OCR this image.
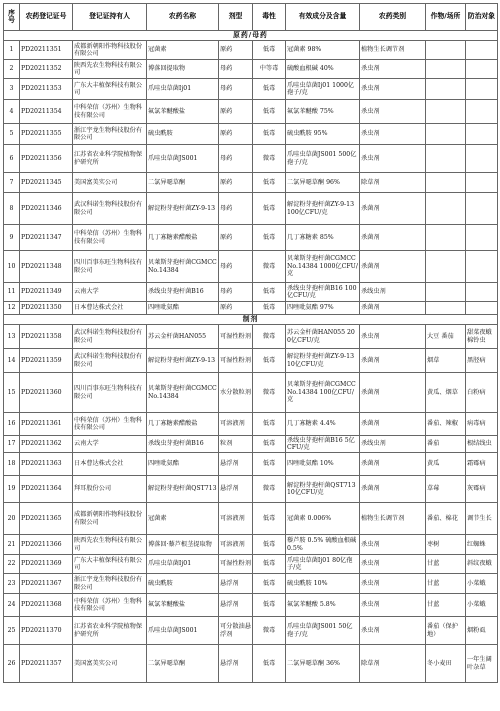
序号	农药登记证号	登记证持有人	农药名称	剂型	毒性	有效成分及含量	农药类别	作物/场所	防治对象
原药/母药									
1	PD20211351	成都新朝阳作物科技股份有限公司	冠菌素	原药	低毒	冠菌素 98%	植物生长调节剂		
2	PD20211352	陕西先农生物科技有限公司	博落回提取物	母药	中等毒	硫酸血根碱 40%	杀虫剂		
3	PD20211353	广东大丰植保科技有限公司	爪哇虫草菌Ij01	母药	低毒	爪哇虫草菌Ij01 1000亿孢子/克	杀虫剂		
4	PD20211354	中科荣信（苏州）生物科技有限公司	氟氯苯醚酸盐	原药	低毒	氟氯苯醚酸 75%	杀虫剂		
5	PD20211355	浙江宇龙生物科技股份有限公司	硫虫酰胺	原药	低毒	硫虫酰胺 95%	杀虫剂		
6	PD20211356	江苏省农业科学院植物保护研究所	爪哇虫草菌JS001	母药	微毒	爪哇虫草菌JS001 500亿孢子/克	杀虫剂		
7	PD20211345	美国富美实公司	二氯异噁草酮	原药	低毒	二氯异噁草酮 96%	除草剂		
8	PD20211346	武汉科诺生物科技股份有限公司	解淀粉芽孢杆菌ZY-9-13	母药	低毒	解淀粉芽孢杆菌ZY-9-13 100亿CFU/克	杀菌剂		
9	PD20211347	中科荣信（苏州）生物科技有限公司	几丁寡糖素醋酸盐	原药	低毒	几丁寡糖素 85%	杀菌剂		
10	PD20211348	四川百事东旺生物科技有限公司	贝莱斯芽孢杆菌CGMCC No.14384	母药	微毒	贝莱斯芽孢杆菌CGMCC No.14384 1000亿CFU/克	杀菌剂		
11	PD20211349	云南大学	杀线虫芽孢杆菌B16	母药	低毒	杀线虫芽孢杆菌B16 100亿CFU/克	杀线虫剂		
12	PD20211350	日本曹达株式会社	四唑吡氨酯	原药	低毒	四唑吡氨酯 97%	杀菌剂		
制剂									
13	PD20211358	武汉科诺生物科技股份有限公司	苏云金杆菌HAN055	可湿性粉剂	微毒	苏云金杆菌HAN055 200亿CFU/克	杀虫剂	大豆 番茄	甜菜夜蛾 棉铃虫
14	PD20211359	武汉科诺生物科技股份有限公司	解淀粉芽孢杆菌ZY-9-13	可湿性粉剂	低毒	解淀粉芽孢杆菌ZY-9-13 10亿CFU/克	杀菌剂	烟草	黑胫病
15	PD20211360	四川百事东旺生物科技有限公司	贝莱斯芽孢杆菌CGMCC No.14384	水分散粒剂	微毒	贝莱斯芽孢杆菌CGMCC No.14384 100亿CFU/克	杀菌剂	黄瓜、烟草	白粉病
16	PD20211361	中科荣信（苏州）生物科技有限公司	几丁寡糖素醋酸盐	可溶液剂	低毒	几丁寡糖素 4.4%	杀菌剂	番茄、辣椒	病毒病
17	PD20211362	云南大学	杀线虫芽孢杆菌B16	粒剂	低毒	杀线虫芽孢杆菌B16 5亿CFU/克	杀线虫剂	番茄	根结线虫
18	PD20211363	日本曹达株式会社	四唑吡氨酯	悬浮剂	低毒	四唑吡氨酯 10%	杀菌剂	黄瓜	霜霉病
19	PD20211364	拜耳股份公司	解淀粉芽孢杆菌QST713	悬浮剂	微毒	解淀粉芽孢杆菌QST713 10亿CFU/克	杀菌剂	草莓	灰霉病
20	PD20211365	成都新朝阳作物科技股份有限公司	冠菌素	可溶液剂	低毒	冠菌素 0.006%	植物生长调节剂	番茄、棉花	调节生长
21	PD20211366	陕西先农生物科技有限公司	博落回·藜芦根茎提取物	可溶液剂	低毒	藜芦胺 0.5% 硫酸血根碱 0.5%	杀虫剂	枣树	红蜘蛛
22	PD20211369	广东大丰植保科技有限公司	爪哇虫草菌Ij01	可湿性粉剂	低毒	爪哇虫草菌Ij01 80亿孢子/克	杀虫剂	甘蓝	斜纹夜蛾
23	PD20211367	浙江宇龙生物科技股份有限公司	硫虫酰胺	悬浮剂	低毒	硫虫酰胺 10%	杀虫剂	甘蓝	小菜蛾
24	PD20211368	中科荣信（苏州）生物科技有限公司	氟氯苯醚酸盐	悬浮剂	低毒	氟氯苯醚酸 5.8%	杀虫剂	甘蓝	小菜蛾
25	PD20211370	江苏省农业科学院植物保护研究所	爪哇虫草菌JS001	可分散油悬浮剂	微毒	爪哇虫草菌JS001 50亿孢子/克	杀虫剂	番茄（保护地）	烟粉虱
26	PD20211357	美国富美实公司	二氯异噁草酮	悬浮剂	低毒	二氯异噁草酮 36%	除草剂	冬小麦田	一年生阔叶杂草
